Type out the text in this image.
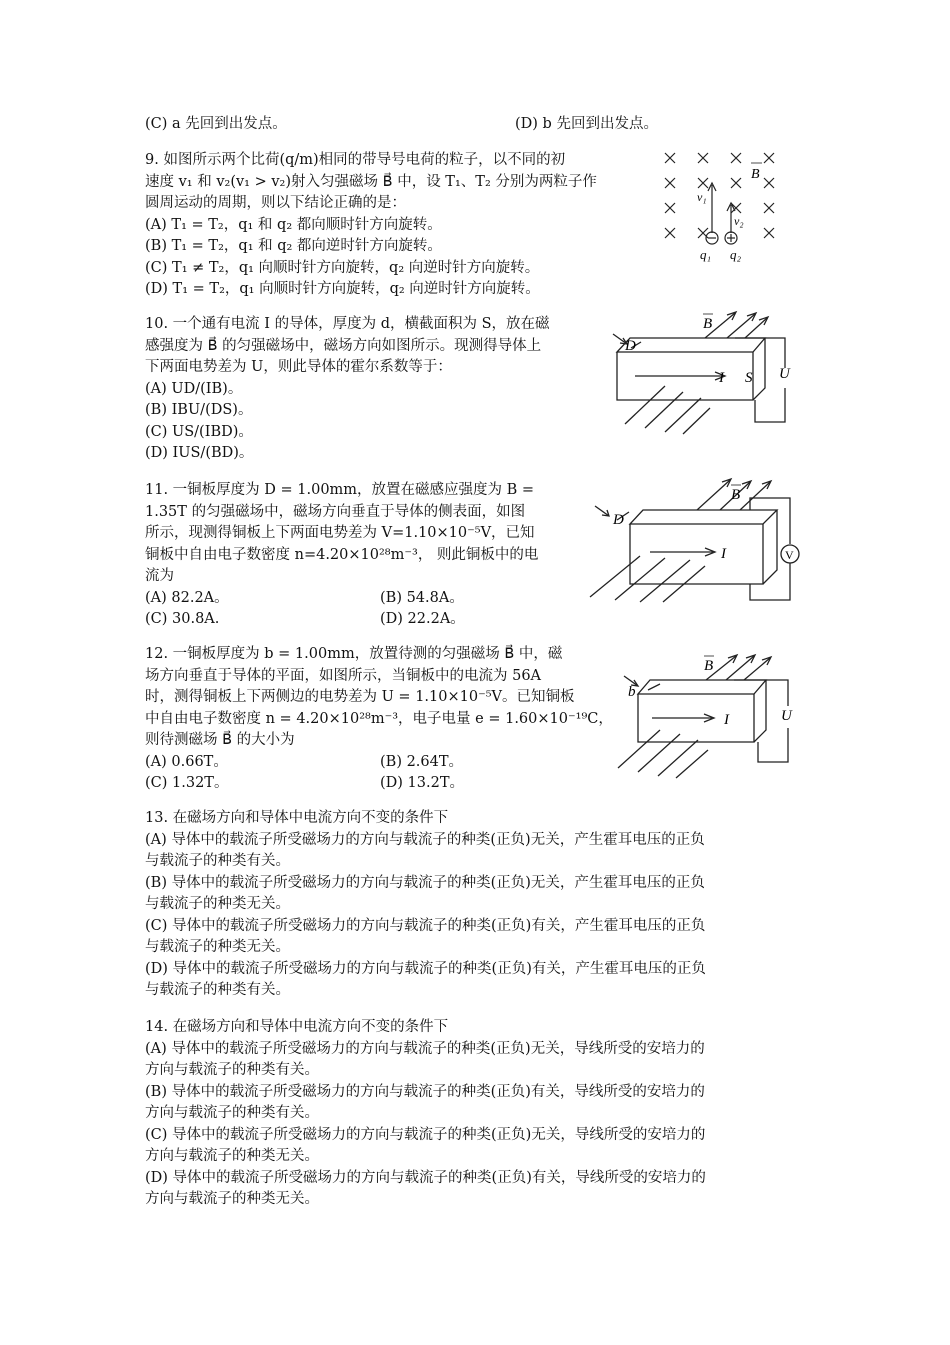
(C) a 先回到出发点。	(D) b 先回到出发点。
9. 如图所示两个比荷(q/m)相同的带导号电荷的粒子，以不同的初
速度 v₁ 和 v₂(v₁ > v₂)射入匀强磁场 B⃗ 中，设 T₁、T₂ 分别为两粒子作
圆周运动的周期，则以下结论正确的是：
(A) T₁ = T₂，q₁ 和 q₂ 都向顺时针方向旋转。
(B) T₁ = T₂，q₁ 和 q₂ 都向逆时针方向旋转。
(C) T₁ ≠ T₂，q₁ 向顺时针方向旋转，q₂ 向逆时针方向旋转。
(D) T₁ = T₂，q₁ 向顺时针方向旋转，q₂ 向逆时针方向旋转。
B
v₁
v₂
q₁ q₂
10. 一个通有电流 I 的导体，厚度为 d，横截面积为 S，放在磁
感强度为 B⃗ 的匀强磁场中，磁场方向如图所示。现测得导体上
下两面电势差为 U，则此导体的霍尔系数等于：
(A) UD/(IB)。
(B) IBU/(DS)。
(C) US/(IBD)。
(D) IUS/(BD)。
D
B
I S U
11. 一铜板厚度为 D = 1.00mm，放置在磁感应强度为 B =
1.35T 的匀强磁场中，磁场方向垂直于导体的侧表面，如图
所示，现测得铜板上下两面电势差为 V=1.10×10⁻⁵V，已知
铜板中自由电子数密度 n=4.20×10²⁸m⁻³， 则此铜板中的电
流为
(A) 82.2A。	(B) 54.8A。
(C) 30.8A.	(D) 22.2A。
D
B
I	V
12. 一铜板厚度为 b = 1.00mm，放置待测的匀强磁场 B⃗ 中，磁
场方向垂直于导体的平面，如图所示，当铜板中的电流为 56A
时，测得铜板上下两侧边的电势差为 U = 1.10×10⁻⁵V。已知铜板
中自由电子数密度 n = 4.20×10²⁸m⁻³，电子电量 e = 1.60×10⁻¹⁹C，
则待测磁场 B⃗ 的大小为
(A) 0.66T。	(B) 2.64T。
(C) 1.32T。	(D) 13.2T。
b
B
I	U
13. 在磁场方向和导体中电流方向不变的条件下
(A) 导体中的载流子所受磁场力的方向与载流子的种类(正负)无关，产生霍耳电压的正负
与载流子的种类有关。
(B) 导体中的载流子所受磁场力的方向与载流子的种类(正负)无关，产生霍耳电压的正负
与载流子的种类无关。
(C) 导体中的载流子所受磁场力的方向与载流子的种类(正负)有关，产生霍耳电压的正负
与载流子的种类无关。
(D) 导体中的载流子所受磁场力的方向与载流子的种类(正负)有关，产生霍耳电压的正负
与载流子的种类有关。
14. 在磁场方向和导体中电流方向不变的条件下
(A) 导体中的载流子所受磁场力的方向与载流子的种类(正负)无关，导线所受的安培力的
方向与载流子的种类有关。
(B) 导体中的载流子所受磁场力的方向与载流子的种类(正负)有关，导线所受的安培力的
方向与载流子的种类有关。
(C) 导体中的载流子所受磁场力的方向与载流子的种类(正负)无关，导线所受的安培力的
方向与载流子的种类无关。
(D) 导体中的载流子所受磁场力的方向与载流子的种类(正负)有关，导线所受的安培力的
方向与载流子的种类无关。
